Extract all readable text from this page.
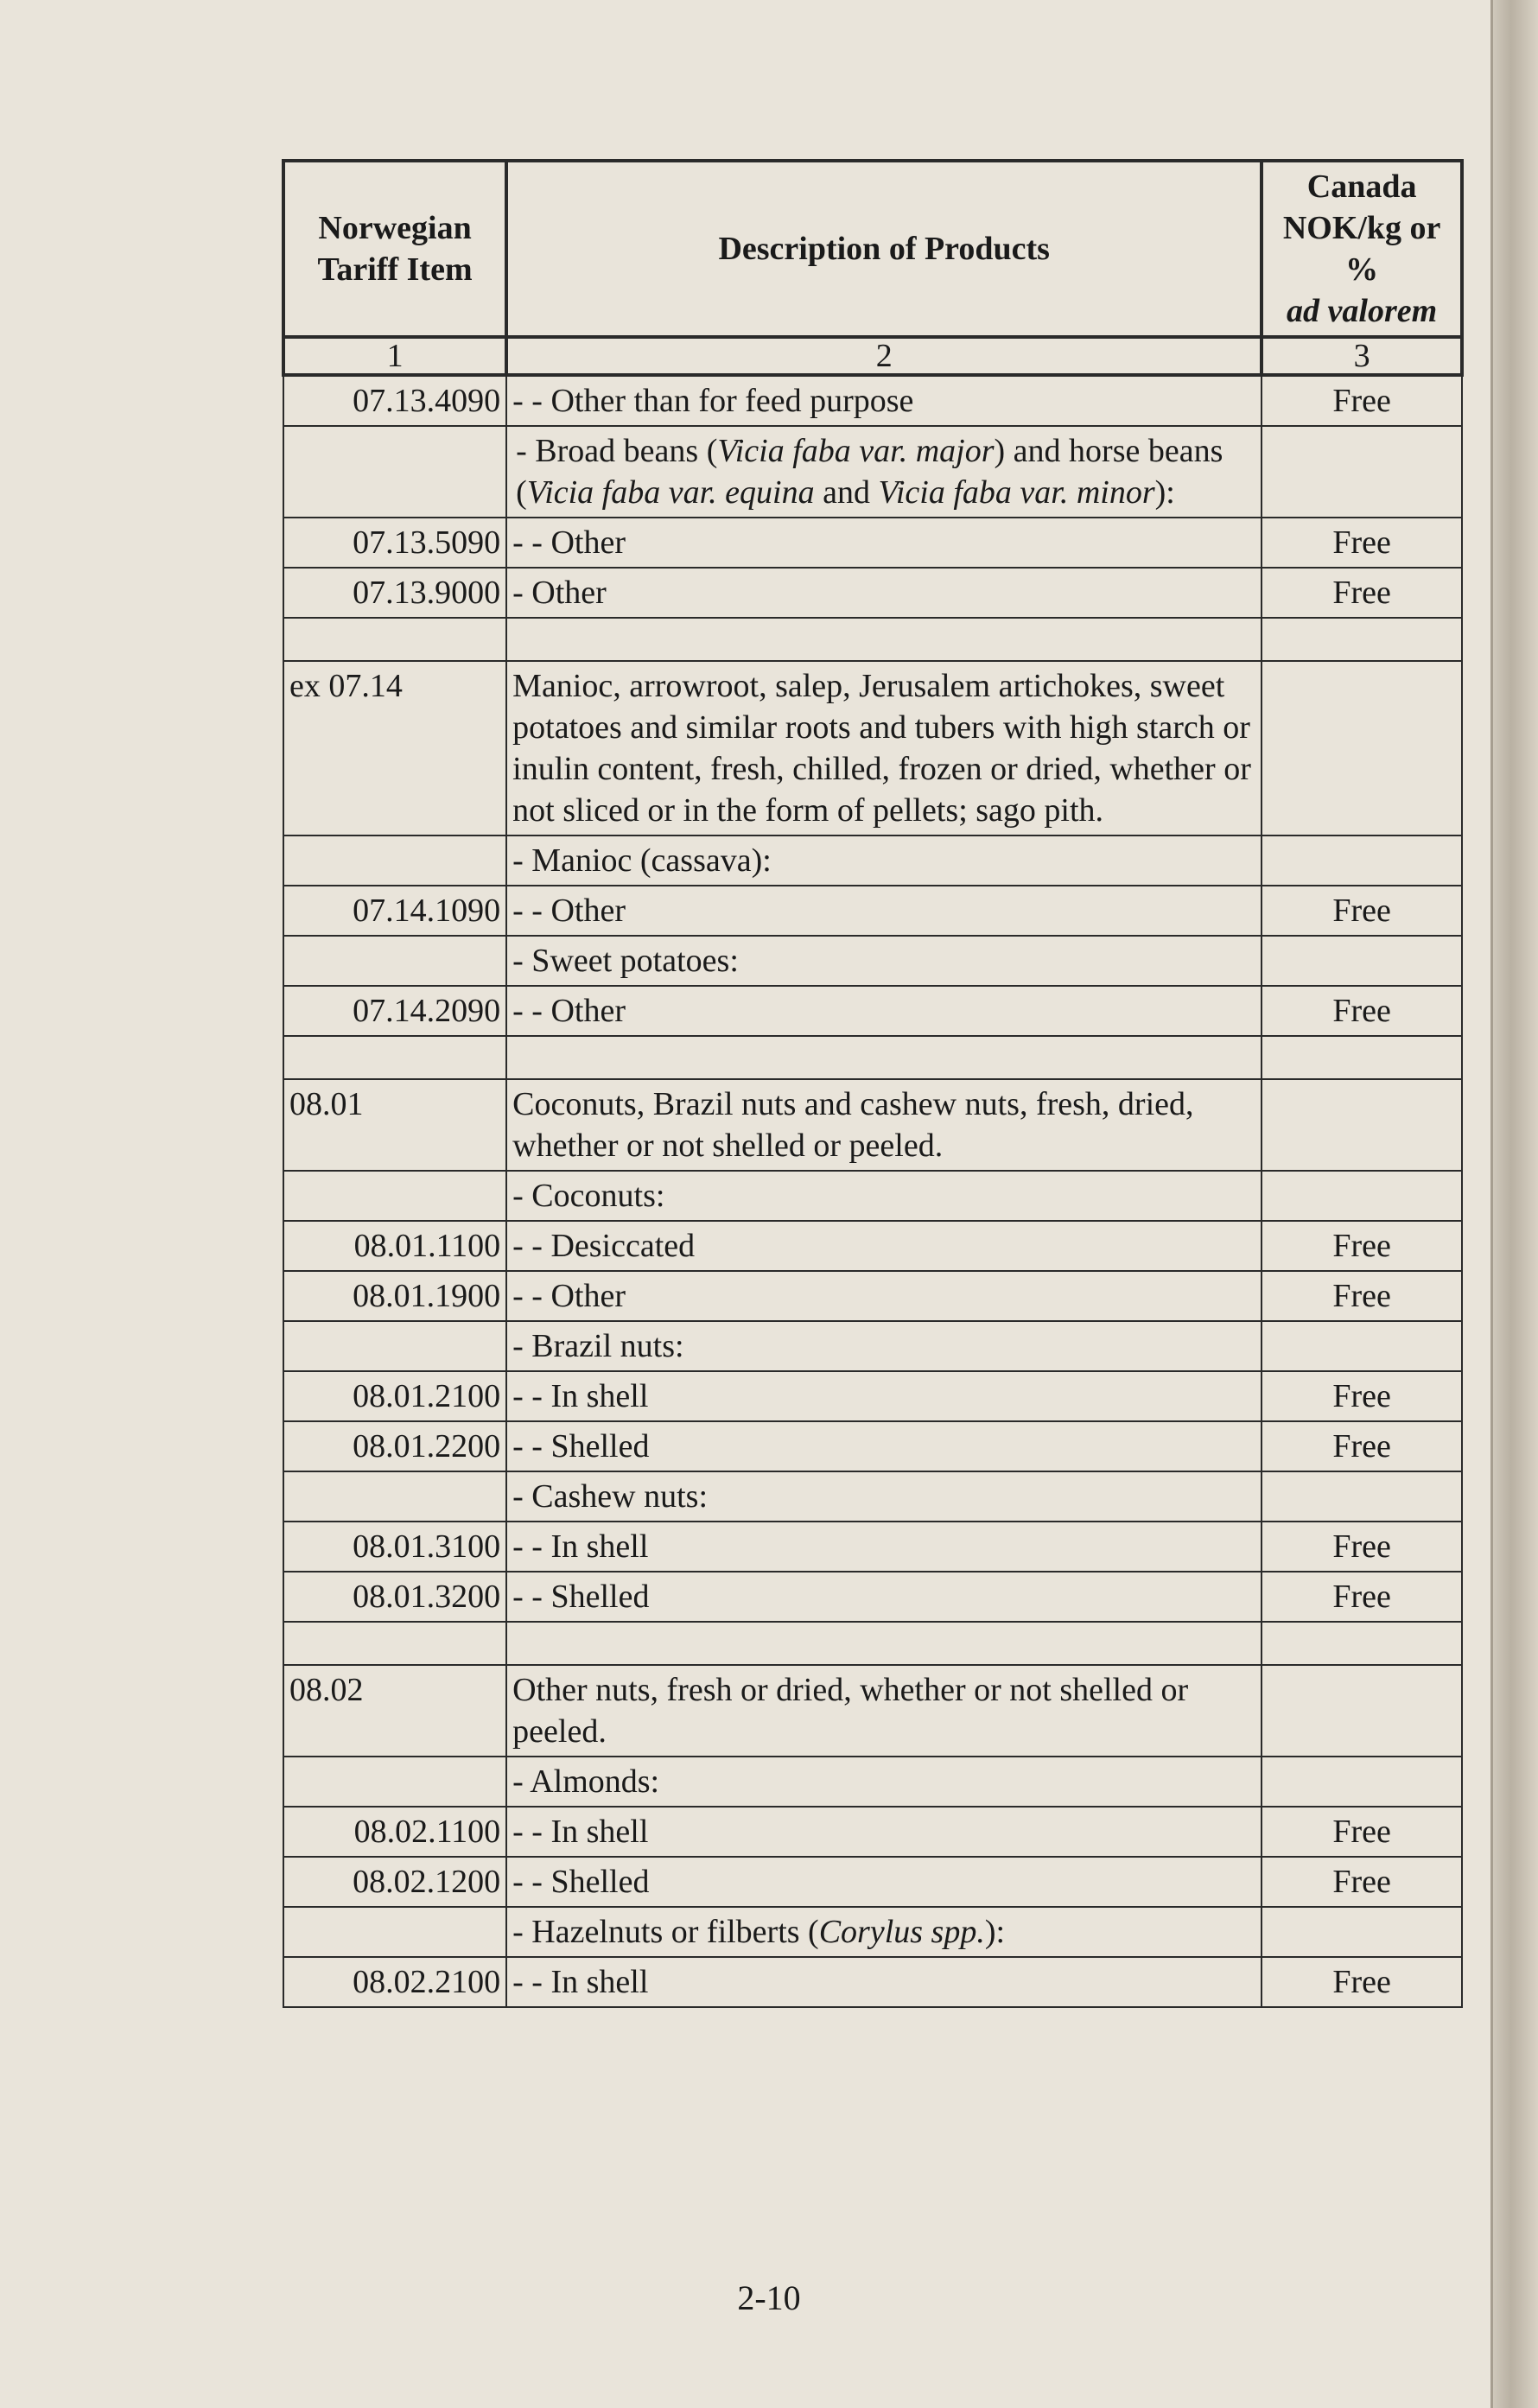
Norwegian Tariff Item	Description of Products	Canada
NOK/kg or
%
ad valorem

1	2	3
07.13.4090	- - Other than for feed purpose	Free
	- Broad beans (Vicia faba var. major) and horse beans (Vicia faba var. equina and Vicia faba var. minor):	
07.13.5090	- - Other	Free
07.13.9000	- Other	Free

ex 07.14	Manioc, arrowroot, salep, Jerusalem artichokes, sweet potatoes and similar roots and tubers with high starch or inulin content, fresh, chilled, frozen or dried, whether or not sliced or in the form of pellets; sago pith.	
	- Manioc (cassava):	
07.14.1090	- - Other	Free
	- Sweet potatoes:	
07.14.2090	- - Other	Free

08.01	Coconuts, Brazil nuts and cashew nuts, fresh, dried, whether or not shelled or peeled.	
	- Coconuts:	
08.01.1100	- - Desiccated	Free
08.01.1900	- - Other	Free
	- Brazil nuts:	
08.01.2100	- - In shell	Free
08.01.2200	- - Shelled	Free
	- Cashew nuts:	
08.01.3100	- - In shell	Free
08.01.3200	- - Shelled	Free

08.02	Other nuts, fresh or dried, whether or not shelled or peeled.	
	- Almonds:	
08.02.1100	- - In shell	Free
08.02.1200	- - Shelled	Free
	- Hazelnuts or filberts (Corylus spp.):	
08.02.2100	- - In shell	Free
2-10
